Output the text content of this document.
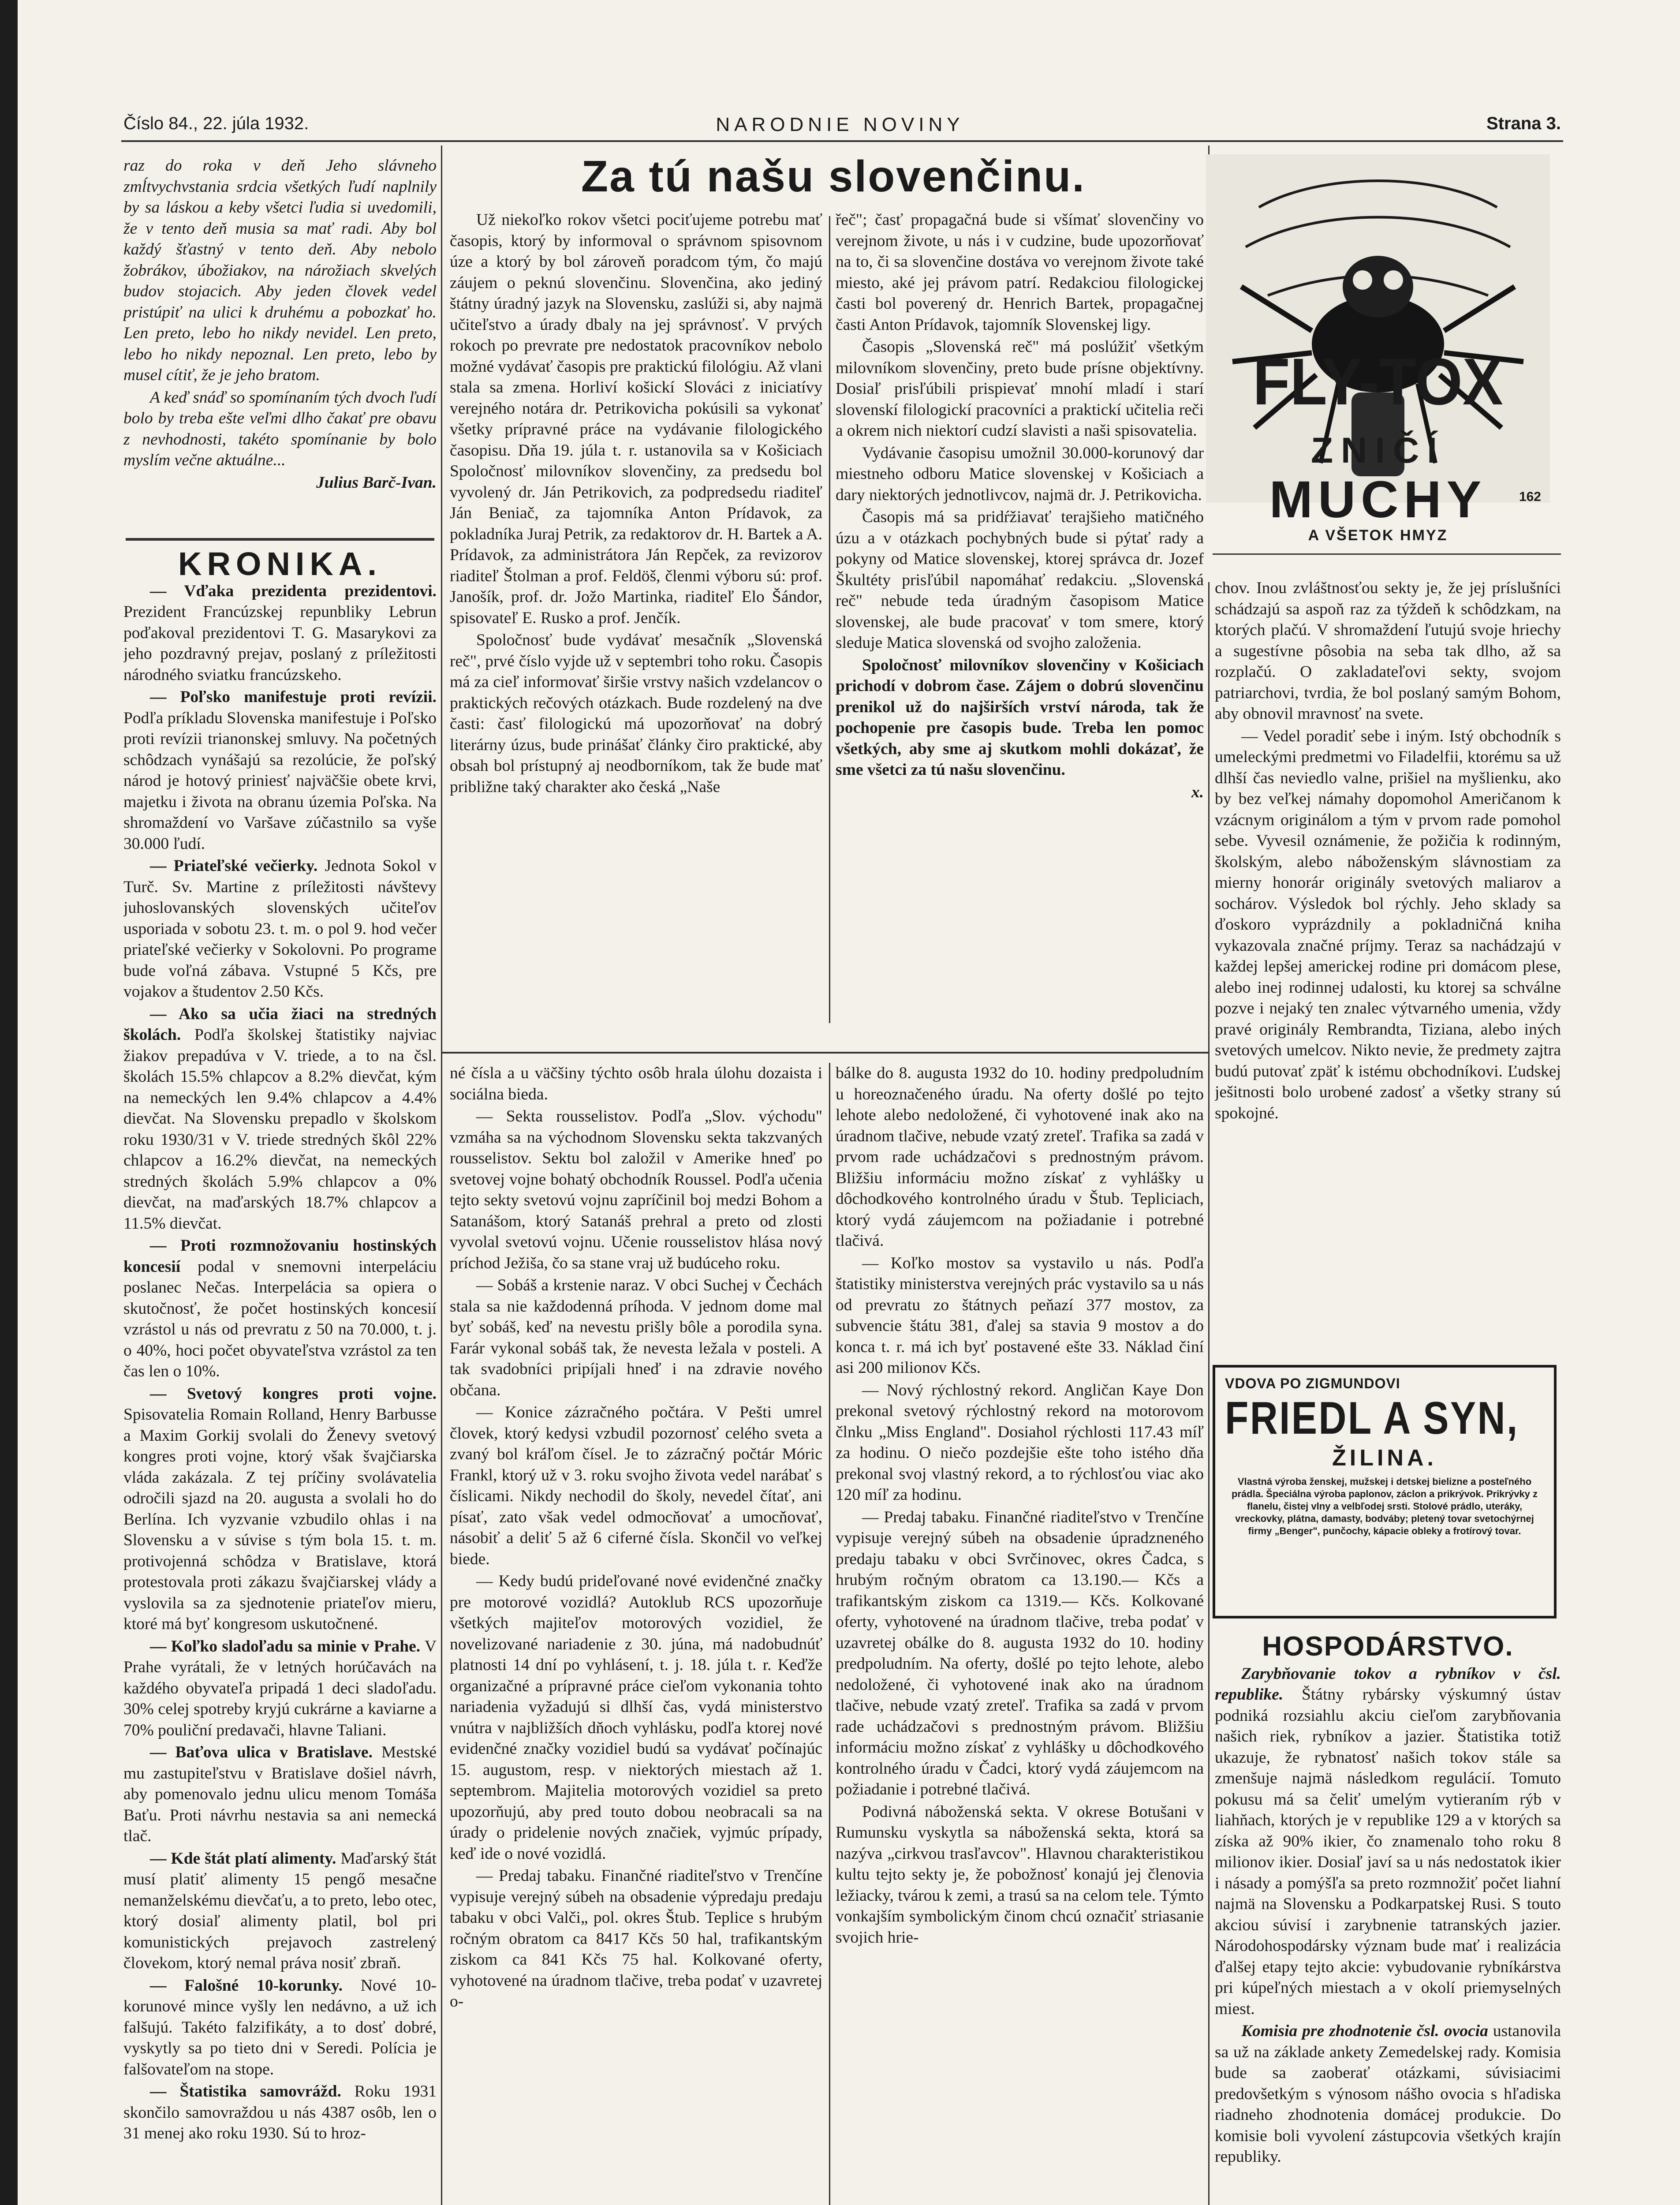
Číslo 84., 22. júla 1932.	NARODNIE NOVINY	Strana 3.
Za tú našu slovenčinu.

raz do roka v deň Jeho slávneho zmĺtvychvstania srdcia všetkých ľudí naplnily by sa láskou a keby všetci ľudia si uvedomili, že v tento deň musia sa mať radi. Aby bol každý šťastný v tento deň. Aby nebolo žobrákov, úbožiakov, na nárožiach skvelých budov stojacich. Aby jeden človek vedel pristúpiť na ulici k druhému a pobozkať ho. Len preto, lebo ho nikdy nevidel. Len preto, lebo ho nikdy nepoznal. Len preto, lebo by musel cítiť, že je jeho bratom.

A keď snáď so spomínaním tých dvoch ľudí bolo by treba ešte veľmi dlho čakať pre obavu z nevhodnosti, takéto spomínanie by bolo myslím večne aktuálne...

Julius Barč-Ivan.

KRONIKA.

— Vďaka prezidenta prezidentovi. Prezident Francúzskej repunbliky Lebrun poďakoval prezidentovi T. G. Masarykovi za jeho pozdravný prejav, poslaný z príležitosti národného sviatku francúzskeho.

— Poľsko manifestuje proti revízii. Podľa príkladu Slovenska manifestuje i Poľsko proti revízii trianonskej smluvy. Na početných schôdzach vynášajú sa rezolúcie, že poľský národ je hotový priniesť najväčšie obete krvi, majetku i života na obranu územia Poľska. Na shromaždení vo Varšave zúčastnilo sa vyše 30.000 ľudí.

— Priateľské večierky. Jednota Sokol v Turč. Sv. Martine z príležitosti návštevy juhoslovanských slovenských učiteľov usporiada v sobotu 23. t. m. o pol 9. hod večer priateľské večierky v Sokolovni. Po programe bude voľná zábava. Vstupné 5 Kčs, pre vojakov a študentov 2.50 Kčs.

— Ako sa učia žiaci na stredných školách. Podľa školskej štatistiky najviac žiakov prepadúva v V. triede, a to na čsl. školách 15.5% chlapcov a 8.2% dievčat, kým na nemeckých len 9.4% chlapcov a 4.4% dievčat. Na Slovensku prepadlo v školskom roku 1930/31 v V. triede stredných škôl 22% chlapcov a 16.2% dievčat, na nemeckých stredných školách 5.9% chlapcov a 0% dievčat, na maďarských 18.7% chlapcov a 11.5% dievčat.

— Proti rozmnožovaniu hostinských koncesií podal v snemovni interpeláciu poslanec Nečas. Interpelácia sa opiera o skutočnosť, že počet hostinských koncesií vzrástol u nás od prevratu z 50 na 70.000, t. j. o 40%, hoci počet obyvateľstva vzrástol za ten čas len o 10%.

— Svetový kongres proti vojne. Spisovatelia Romain Rolland, Henry Barbusse a Maxim Gorkij svolali do Ženevy svetový kongres proti vojne, ktorý však švajčiarska vláda zakázala. Z tej príčiny svolávatelia odročili sjazd na 20. augusta a svolali ho do Berlína. Ich vyzvanie vzbudilo ohlas i na Slovensku a v súvise s tým bola 15. t. m. protivojenná schôdza v Bratislave, ktorá protestovala proti zákazu švajčiarskej vlády a vyslovila sa za sjednotenie priateľov mieru, ktoré má byť kongresom uskutočnené.

— Koľko sladoľadu sa minie v Prahe. V Prahe vyrátali, že v letných horúčavách na každého obyvateľa pripadá 1 deci sladoľadu. 30% celej spotreby kryjú cukrárne a kaviarne a 70% pouliční predavači, hlavne Taliani.

— Baťova ulica v Bratislave. Mestské mu zastupiteľstvu v Bratislave došiel návrh, aby pomenovalo jednu ulicu menom Tomáša Baťu. Proti návrhu nestavia sa ani nemecká tlač.

— Kde štát platí alimenty. Maďarský štát musí platiť alimenty 15 pengő mesačne nemanželskému dievčaťu, a to preto, lebo otec, ktorý dosiaľ alimenty platil, bol pri komunistických prejavoch zastrelený človekom, ktorý nemal práva nosiť zbraň.

— Falošné 10-korunky. Nové 10-korunové mince vyšly len nedávno, a už ich falšujú. Takéto falzifikáty, a to dosť dobré, vyskytly sa po tieto dni v Seredi. Polícia je falšovateľom na stope.

— Štatistika samovrážd. Roku 1931 skončilo samovraždou u nás 4387 osôb, len o 31 menej ako roku 1930. Sú to hroz-

Už niekoľko rokov všetci pociťujeme potrebu mať časopis, ktorý by informoval o správnom spisovnom úze a ktorý by bol zároveň poradcom tým, čo majú záujem o peknú slovenčinu. Slovenčina, ako jediný štátny úradný jazyk na Slovensku, zaslúži si, aby najmä učiteľstvo a úrady dbaly na jej správnosť. V prvých rokoch po prevrate pre nedostatok pracovníkov nebolo možné vydávať časopis pre praktickú filológiu. Až vlani stala sa zmena. Horliví košickí Slováci z iniciatívy verejného notára dr. Petrikovicha pokúsili sa vykonať všetky prípravné práce na vydávanie filologického časopisu. Dňa 19. júla t. r. ustanovila sa v Košiciach Spoločnosť milovníkov slovenčiny, za predsedu bol vyvolený dr. Ján Petrikovich, za podpredsedu riaditeľ Ján Beniač, za tajomníka Anton Prídavok, za pokladníka Juraj Petrik, za redaktorov dr. H. Bartek a A. Prídavok, za administrátora Ján Repček, za revizorov riaditeľ Štolman a prof. Feldöš, členmi výboru sú: prof. Janošík, prof. dr. Jožo Martinka, riaditeľ Elo Šándor, spisovateľ E. Rusko a prof. Jenčík.

Spoločnosť bude vydávať mesačník „Slovenská reč", prvé číslo vyjde už v septembri toho roku. Časopis má za cieľ informovať širšie vrstvy našich vzdelancov o praktických rečových otázkach. Bude rozdelený na dve časti: časť filologickú má upozorňovať na dobrý literárny úzus, bude prinášať články čiro praktické, aby obsah bol prístupný aj neodborníkom, tak že bude mať približne taký charakter ako česká „Naše

řeč"; časť propagačná bude si všímať slovenčiny vo verejnom živote, u nás i v cudzine, bude upozorňovať na to, či sa slovenčine dostáva vo verejnom živote také miesto, aké jej právom patrí. Redakciou filologickej časti bol poverený dr. Henrich Bartek, propagačnej časti Anton Prídavok, tajomník Slovenskej ligy.

Časopis „Slovenská reč" má poslúžiť všetkým milovníkom slovenčiny, preto bude prísne objektívny. Dosiaľ prisľúbili prispievať mnohí mladí i starí slovenskí filologickí pracovníci a praktickí učitelia reči a okrem nich niektorí cudzí slavisti a naši spisovatelia.

Vydávanie časopisu umožnil 30.000-korunový dar miestneho odboru Matice slovenskej v Košiciach a dary niektorých jednotlivcov, najmä dr. J. Petrikovicha.

Časopis má sa pridŕžiavať terajšieho matičného úzu a v otázkach pochybných bude si pýtať rady a pokyny od Matice slovenskej, ktorej správca dr. Jozef Škultéty prisľúbil napomáhať redakciu. „Slovenská reč" nebude teda úradným časopisom Matice slovenskej, ale bude pracovať v tom smere, ktorý sleduje Matica slovenská od svojho založenia.

Spoločnosť milovníkov slovenčiny v Košiciach prichodí v dobrom čase. Zájem o dobrú slovenčinu prenikol už do najširších vrství národa, tak že pochopenie pre časopis bude. Treba len pomoc všetkých, aby sme aj skutkom mohli dokázať, že sme všetci za tú našu slovenčinu.

x.

né čísla a u väčšiny týchto osôb hrala úlohu dozaista i sociálna bieda.

— Sekta rousselistov. Podľa „Slov. východu" vzmáha sa na východnom Slovensku sekta takzvaných rousselistov. Sektu bol založil v Amerike hneď po svetovej vojne bohatý obchodník Roussel. Podľa učenia tejto sekty svetovú vojnu zapríčinil boj medzi Bohom a Satanášom, ktorý Satanáš prehral a preto od zlosti vyvolal svetovú vojnu. Učenie rousselistov hlása nový príchod Ježiša, čo sa stane vraj už budúceho roku.

— Sobáš a krstenie naraz. V obci Suchej v Čechách stala sa nie každodenná príhoda. V jednom dome mal byť sobáš, keď na nevestu prišly bôle a porodila syna. Farár vykonal sobáš tak, že nevesta ležala v posteli. A tak svadobníci pripíjali hneď i na zdravie nového občana.

— Konice zázračného počtára. V Pešti umrel človek, ktorý kedysi vzbudil pozornosť celého sveta a zvaný bol kráľom čísel. Je to zázračný počtár Móric Frankl, ktorý už v 3. roku svojho života vedel narábať s číslicami. Nikdy nechodil do školy, nevedel čítať, ani písať, zato však vedel odmocňovať a umocňovať, násobiť a deliť 5 až 6 ciferné čísla. Skončil vo veľkej biede.

— Kedy budú prideľované nové evidenčné značky pre motorové vozidlá? Autoklub RCS upozorňuje všetkých majiteľov motorových vozidiel, že novelizované nariadenie z 30. júna, má nadobudnúť platnosti 14 dní po vyhlásení, t. j. 18. júla t. r. Keďže organizačné a prípravné práce cieľom vykonania tohto nariadenia vyžadujú si dlhší čas, vydá ministerstvo vnútra v najbližších dňoch vyhlásku, podľa ktorej nové evidenčné značky vozidiel budú sa vydávať počínajúc 15. augustom, resp. v niektorých miestach až 1. septembrom. Majitelia motorových vozidiel sa preto upozorňujú, aby pred touto dobou neobracali sa na úrady o pridelenie nových značiek, vyjmúc prípady, keď ide o nové vozidlá.

— Predaj tabaku. Finančné riaditeľstvo v Trenčíne vypisuje verejný súbeh na obsadenie výpredaju predaju tabaku v obci Valči„ pol. okres Štub. Teplice s hrubým ročným obratom ca 8417 Kčs 50 hal, trafikantským ziskom ca 841 Kčs 75 hal. Kolkované oferty, vyhotovené na úradnom tlačive, treba podať v uzavretej o-

bálke do 8. augusta 1932 do 10. hodiny predpoludním u horeoznačeného úradu. Na oferty došlé po tejto lehote alebo nedoložené, či vyhotovené inak ako na úradnom tlačive, nebude vzatý zreteľ. Trafika sa zadá v prvom rade uchádzačovi s prednostným právom. Bližšiu informáciu možno získať z vyhlášky u dôchodkového kontrolného úradu v Štub. Tepliciach, ktorý vydá záujemcom na požiadanie i potrebné tlačivá.

— Koľko mostov sa vystavilo u nás. Podľa štatistiky ministerstva verejných prác vystavilo sa u nás od prevratu zo štátnych peňazí 377 mostov, za subvencie štátu 381, ďalej sa stavia 9 mostov a do konca t. r. má ich byť postavené ešte 33. Náklad činí asi 200 milionov Kčs.

— Nový rýchlostný rekord. Angličan Kaye Don prekonal svetový rýchlostný rekord na motorovom člnku „Miss England". Dosiahol rýchlosti 117.43 míľ za hodinu. O niečo pozdejšie ešte toho istého dňa prekonal svoj vlastný rekord, a to rýchlosťou viac ako 120 míľ za hodinu.

— Predaj tabaku. Finančné riaditeľstvo v Trenčíne vypisuje verejný súbeh na obsadenie úpradzneného predaju tabaku v obci Svrčinovec, okres Čadca, s hrubým ročným obratom ca 13.190.— Kčs a trafikantským ziskom ca 1319.— Kčs. Kolkované oferty, vyhotovené na úradnom tlačive, treba podať v uzavretej obálke do 8. augusta 1932 do 10. hodiny predpoludním. Na oferty, došlé po tejto lehote, alebo nedoložené, či vyhotovené inak ako na úradnom tlačive, nebude vzatý zreteľ. Trafika sa zadá v prvom rade uchádzačovi s prednostným právom. Bližšiu informáciu možno získať z vyhlášky u dôchodkového kontrolného úradu v Čadci, ktorý vydá záujemcom na požiadanie i potrebné tlačivá.

Podivná náboženská sekta. V okrese Botušani v Rumunsku vyskytla sa náboženská sekta, ktorá sa nazýva „cirkvou trasľavcov". Hlavnou charakteristikou kultu tejto sekty je, že pobožnosť konajú jej členovia ležiacky, tvárou k zemi, a trasú sa na celom tele. Týmto vonkajším symbolickým činom chcú označiť striasanie svojich hrie-

162
FLY-TOX
ZNIČÍ
MUCHY
A VŠETOK HMYZ

chov. Inou zvláštnosťou sekty je, že jej príslušníci schádzajú sa aspoň raz za týždeň k schôdzkam, na ktorých plačú. V shromaždení ľutujú svoje hriechy a sugestívne pôsobia na seba tak dlho, až sa rozplačú. O zakladateľovi sekty, svojom patriarchovi, tvrdia, že bol poslaný samým Bohom, aby obnovil mravnosť na svete.

— Vedel poradiť sebe i iným. Istý obchodník s umeleckými predmetmi vo Filadelfii, ktorému sa už dlhší čas neviedlo valne, prišiel na myšlienku, ako by bez veľkej námahy dopomohol Američanom k vzácnym originálom a tým v prvom rade pomohol sebe. Vyvesil oznámenie, že požičia k rodinným, školským, alebo náboženským slávnostiam za mierny honorár originály svetových maliarov a sochárov. Výsledok bol rýchly. Jeho sklady sa ďoskoro vyprázdnily a pokladničná kniha vykazovala značné príjmy. Teraz sa nachádzajú v každej lepšej americkej rodine pri domácom plese, alebo inej rodinnej udalosti, ku ktorej sa schválne pozve i nejaký ten znalec výtvarného umenia, vždy pravé originály Rembrandta, Tiziana, alebo iných svetových umelcov. Nikto nevie, že predmety zajtra budú putovať zpäť k istému obchodníkovi. Ľudskej ješitnosti bolo urobené zadosť a všetky strany sú spokojné.

VDOVA PO ZIGMUNDOVI
FRIEDL A SYN,
ŽILINA.
Vlastná výroba ženskej, mužskej i detskej bielizne a posteľného prádla. Špeciálna výroba paplonov, záclon a prikrývok. Prikrývky z flanelu, čistej vlny a velbľodej srsti. Stolové prádlo, uteráky, vreckovky, plátna, damasty, bodváby; pletený tovar svetochýrnej firmy „Benger", punčochy, kápacie obleky a frotírový tovar.
HOSPODÁRSTVO.

Zarybňovanie tokov a rybníkov v čsl. republike. Štátny rybársky výskumný ústav podniká rozsiahlu akciu cieľom zarybňovania našich riek, rybníkov a jazier. Štatistika totiž ukazuje, že rybnatosť našich tokov stále sa zmenšuje najmä následkom regulácií. Tomuto pokusu má sa čeliť umelým vytieraním rýb v liahňach, ktorých je v republike 129 a v ktorých sa získa až 90% ikier, čo znamenalo toho roku 8 milionov ikier. Dosiaľ javí sa u nás nedostatok ikier i násady a pomýšľa sa preto rozmnožiť počet liahní najmä na Slovensku a Podkarpatskej Rusi. S touto akciou súvisí i zarybnenie tatranských jazier. Národohospodársky význam bude mať i realizácia ďalšej etapy tejto akcie: vybudovanie rybníkárstva pri kúpeľných miestach a v okolí priemyselných miest.

Komisia pre zhodnotenie čsl. ovocia ustanovila sa už na základe ankety Zemedelskej rady. Komisia bude sa zaoberať otázkami, súvisiacimi predovšetkým s výnosom nášho ovocia s hľadiska riadneho zhodnotenia domácej produkcie. Do komisie boli vyvolení zástupcovia všetkých krajín republiky.
